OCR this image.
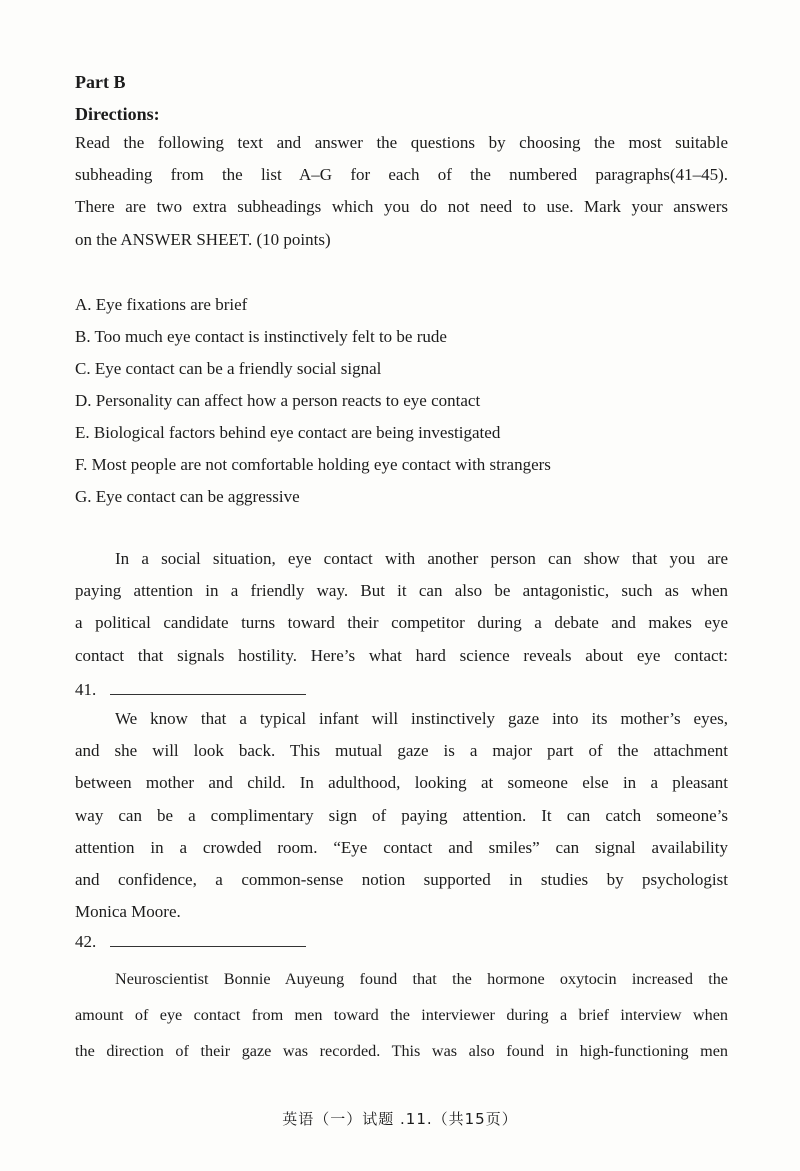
Part B
Directions:
Read the following text and answer the questions by choosing the most suitable
subheading from the list A–G for each of the numbered paragraphs(41–45).
There are two extra subheadings which you do not need to use. Mark your answers
on the ANSWER SHEET. (10 points)
A. Eye fixations are brief
B. Too much eye contact is instinctively felt to be rude
C. Eye contact can be a friendly social signal
D. Personality can affect how a person reacts to eye contact
E. Biological factors behind eye contact are being investigated
F. Most people are not comfortable holding eye contact with strangers
G. Eye contact can be aggressive
In a social situation, eye contact with another person can show that you are
paying attention in a friendly way. But it can also be antagonistic, such as when
a political candidate turns toward their competitor during a debate and makes eye
contact that signals hostility. Here’s what hard science reveals about eye contact:
41.
We know that a typical infant will instinctively gaze into its mother’s eyes,
and she will look back. This mutual gaze is a major part of the attachment
between mother and child. In adulthood, looking at someone else in a pleasant
way can be a complimentary sign of paying attention. It can catch someone’s
attention in a crowded room. “Eye contact and smiles” can signal availability
and confidence, a common-sense notion supported in studies by psychologist
Monica Moore.
42.
Neuroscientist Bonnie Auyeung found that the hormone oxytocin increased the
amount of eye contact from men toward the interviewer during a brief interview when
the direction of their gaze was recorded. This was also found in high-functioning men
英语（一）试题 .11.（共15页）
